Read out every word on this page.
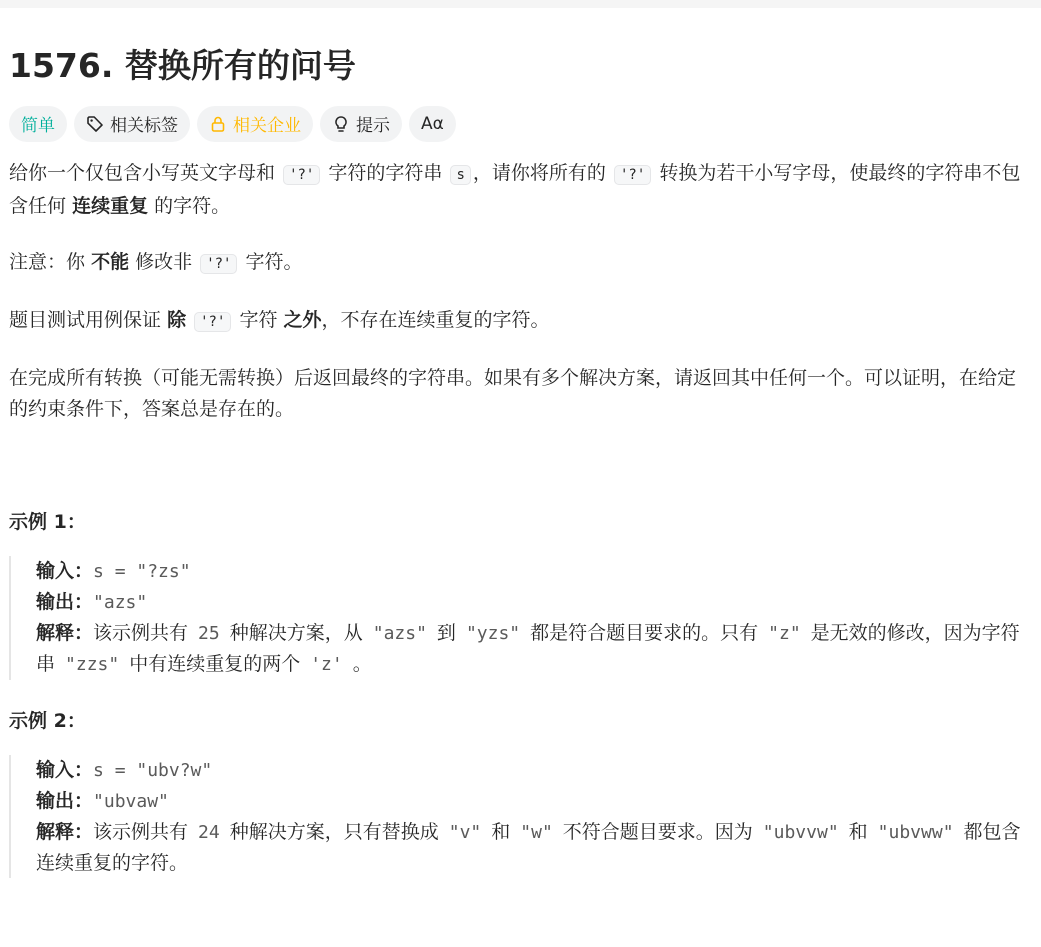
1576. 替换所有的问号
简单	相关标签	相关企业	提示 Aα

给你一个仅包含小写英文字母和 '?' 字符的字符串 s ，请你将所有的 '?' 转换为若干小写字母，使最终的字符串不包含任何 连续重复 的字符。

注意：你 不能 修改非 '?' 字符。

题目测试用例保证 除 '?' 字符 之外，不存在连续重复的字符。

在完成所有转换（可能无需转换）后返回最终的字符串。如果有多个解决方案，请返回其中任何一个。可以证明，在给定的约束条件下，答案总是存在的。

示例 1：
输入：s = "?zs"
输出："azs"
解释：该示例共有 25 种解决方案，从 "azs" 到 "yzs" 都是符合题目要求的。只有 "z" 是无效的修改，因为字符串 "zzs" 中有连续重复的两个 'z' 。
示例 2：
输入：s = "ubv?w"
输出："ubvaw"
解释：该示例共有 24 种解决方案，只有替换成 "v" 和 "w" 不符合题目要求。因为 "ubvvw" 和 "ubvww" 都包含连续重复的字符。
